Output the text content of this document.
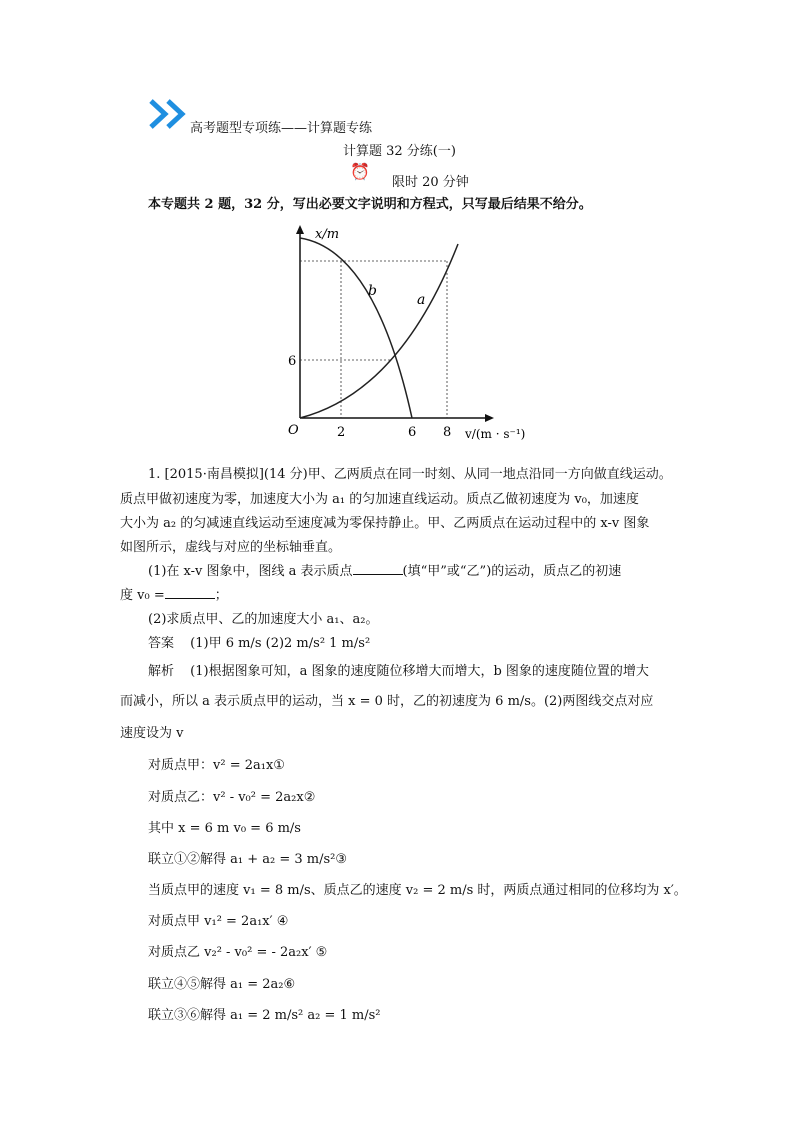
高考题型专项练——计算题专练
计算题 32 分练(一)
⏰
限时 20 分钟
本专题共 2 题，32 分，写出必要文字说明和方程式，只写最后结果不给分。
x/m
6
O	2	6 8 v/(m · s⁻¹)
b
a
1. [2015·南昌模拟](14 分)甲、乙两质点在同一时刻、从同一地点沿同一方向做直线运动。
质点甲做初速度为零，加速度大小为 a₁ 的匀加速直线运动。质点乙做初速度为 v₀，加速度
大小为 a₂ 的匀减速直线运动至速度减为零保持静止。甲、乙两质点在运动过程中的 x-v 图象
如图所示，虚线与对应的坐标轴垂直。
(1)在 x-v 图象中，图线 a 表示质点	(填“甲”或“乙”)的运动，质点乙的初速
度 v₀ =	；
(2)求质点甲、乙的加速度大小 a₁、a₂。
答案 (1)甲 6 m/s (2)2 m/s² 1 m/s²
解析 (1)根据图象可知，a 图象的速度随位移增大而增大，b 图象的速度随位置的增大
而减小，所以 a 表示质点甲的运动，当 x = 0 时，乙的初速度为 6 m/s。(2)两图线交点对应
速度设为 v
对质点甲：v² = 2a₁x①
对质点乙：v² - v₀² = 2a₂x②
其中 x = 6 m v₀ = 6 m/s
联立①②解得 a₁ + a₂ = 3 m/s²③
当质点甲的速度 v₁ = 8 m/s、质点乙的速度 v₂ = 2 m/s 时，两质点通过相同的位移均为 x′。
对质点甲 v₁² = 2a₁x′ ④
对质点乙 v₂² - v₀² = - 2a₂x′ ⑤
联立④⑤解得 a₁ = 2a₂⑥
联立③⑥解得 a₁ = 2 m/s² a₂ = 1 m/s²
